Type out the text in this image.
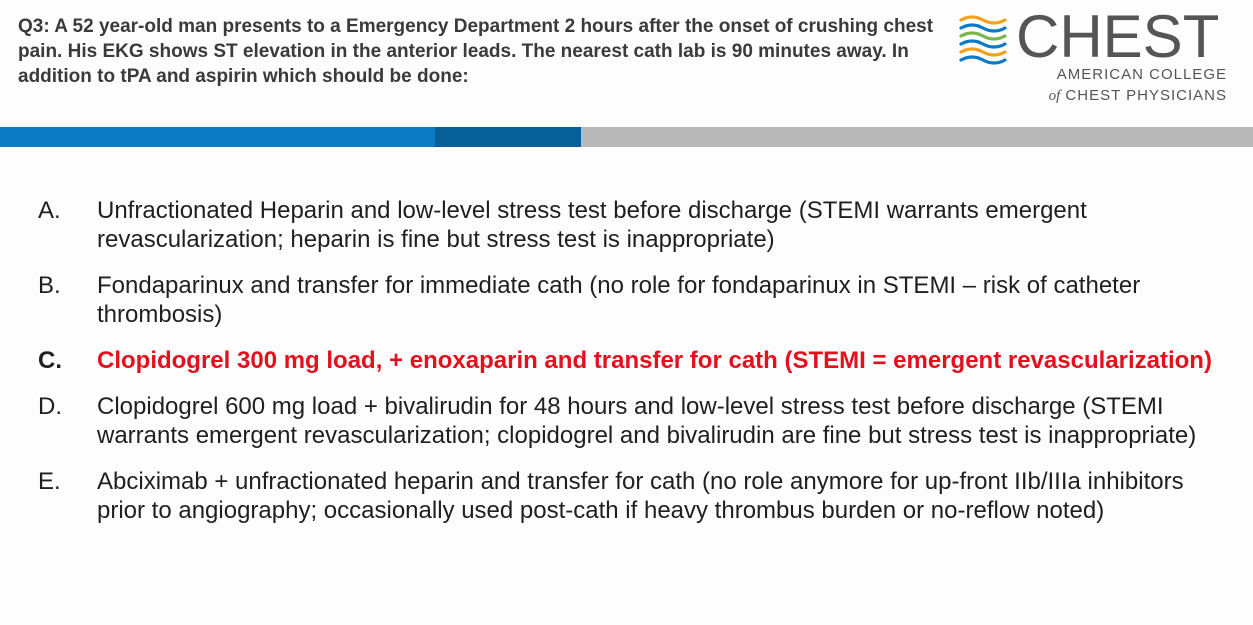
Q3: A 52 year-old man presents to a Emergency Department 2 hours after the onset of crushing chest pain. His EKG shows ST elevation in the anterior leads. The nearest cath lab is 90 minutes away. In addition to tPA and aspirin which should be done:

CHEST
AMERICAN COLLEGE
of CHEST PHYSICIANS
A.	Unfractionated Heparin and low-level stress test before discharge (STEMI warrants emergent revascularization; heparin is fine but stress test is inappropriate)
B.	Fondaparinux and transfer for immediate cath (no role for fondaparinux in STEMI – risk of catheter thrombosis)
C.	Clopidogrel 300 mg load, + enoxaparin and transfer for cath (STEMI = emergent revascularization)
D.	Clopidogrel 600 mg load + bivalirudin for 48 hours and low-level stress test before discharge (STEMI warrants emergent revascularization; clopidogrel and bivalirudin are fine but stress test is inappropriate)
E.	Abciximab + unfractionated heparin and transfer for cath (no role anymore for up-front IIb/IIIa inhibitors prior to angiography; occasionally used post-cath if heavy thrombus burden or no-reflow noted)
